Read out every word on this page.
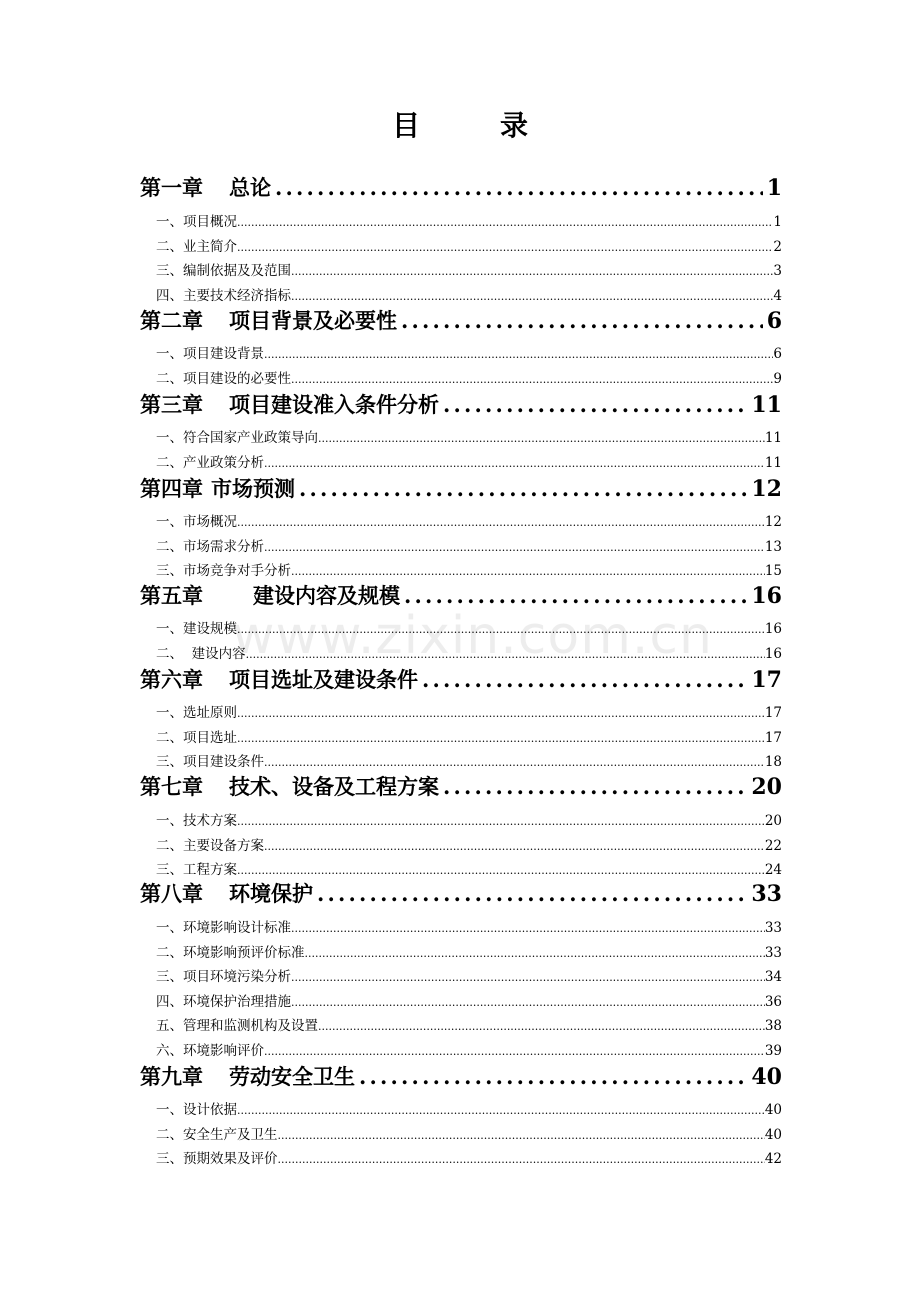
目　录
www.zixin.com.cn
第一章　 总论 .....	1
一、项目概况 .....	1
二、业主简介 .....	2
三、编制依据及及范围 .....	3
四、主要技术经济指标 .....	4
第二章　 项目背景及必要性 .....	6
一、项目建设背景 .....	6
二、项目建设的必要性 .....	9
第三章　 项目建设准入条件分析 .....	11
一、符合国家产业政策导向 .....	11
二、产业政策分析 .....	11
第四章 市场预测 .....	12
一、市场概况 .....	12
二、市场需求分析 .....	13
三、市场竞争对手分析 .....	15
第五章　　 建设内容及规模 .....	16
一、建设规模 .....	16
二、  建设内容 .....	16
第六章　 项目选址及建设条件 .....	17
一、选址原则 .....	17
二、项目选址 .....	17
三、项目建设条件 .....	18
第七章　 技术、设备及工程方案 .....	20
一、技术方案 .....	20
二、主要设备方案 .....	22
三、工程方案 .....	24
第八章　 环境保护 .....	33
一、环境影响设计标准 .....	33
二、环境影响预评价标准 .....	33
三、项目环境污染分析 .....	34
四、环境保护治理措施 .....	36
五、管理和监测机构及设置 .....	38
六、环境影响评价 .....	39
第九章　 劳动安全卫生 .....	40
一、设计依据 .....	40
二、安全生产及卫生 .....	40
三、预期效果及评价 .....	42
